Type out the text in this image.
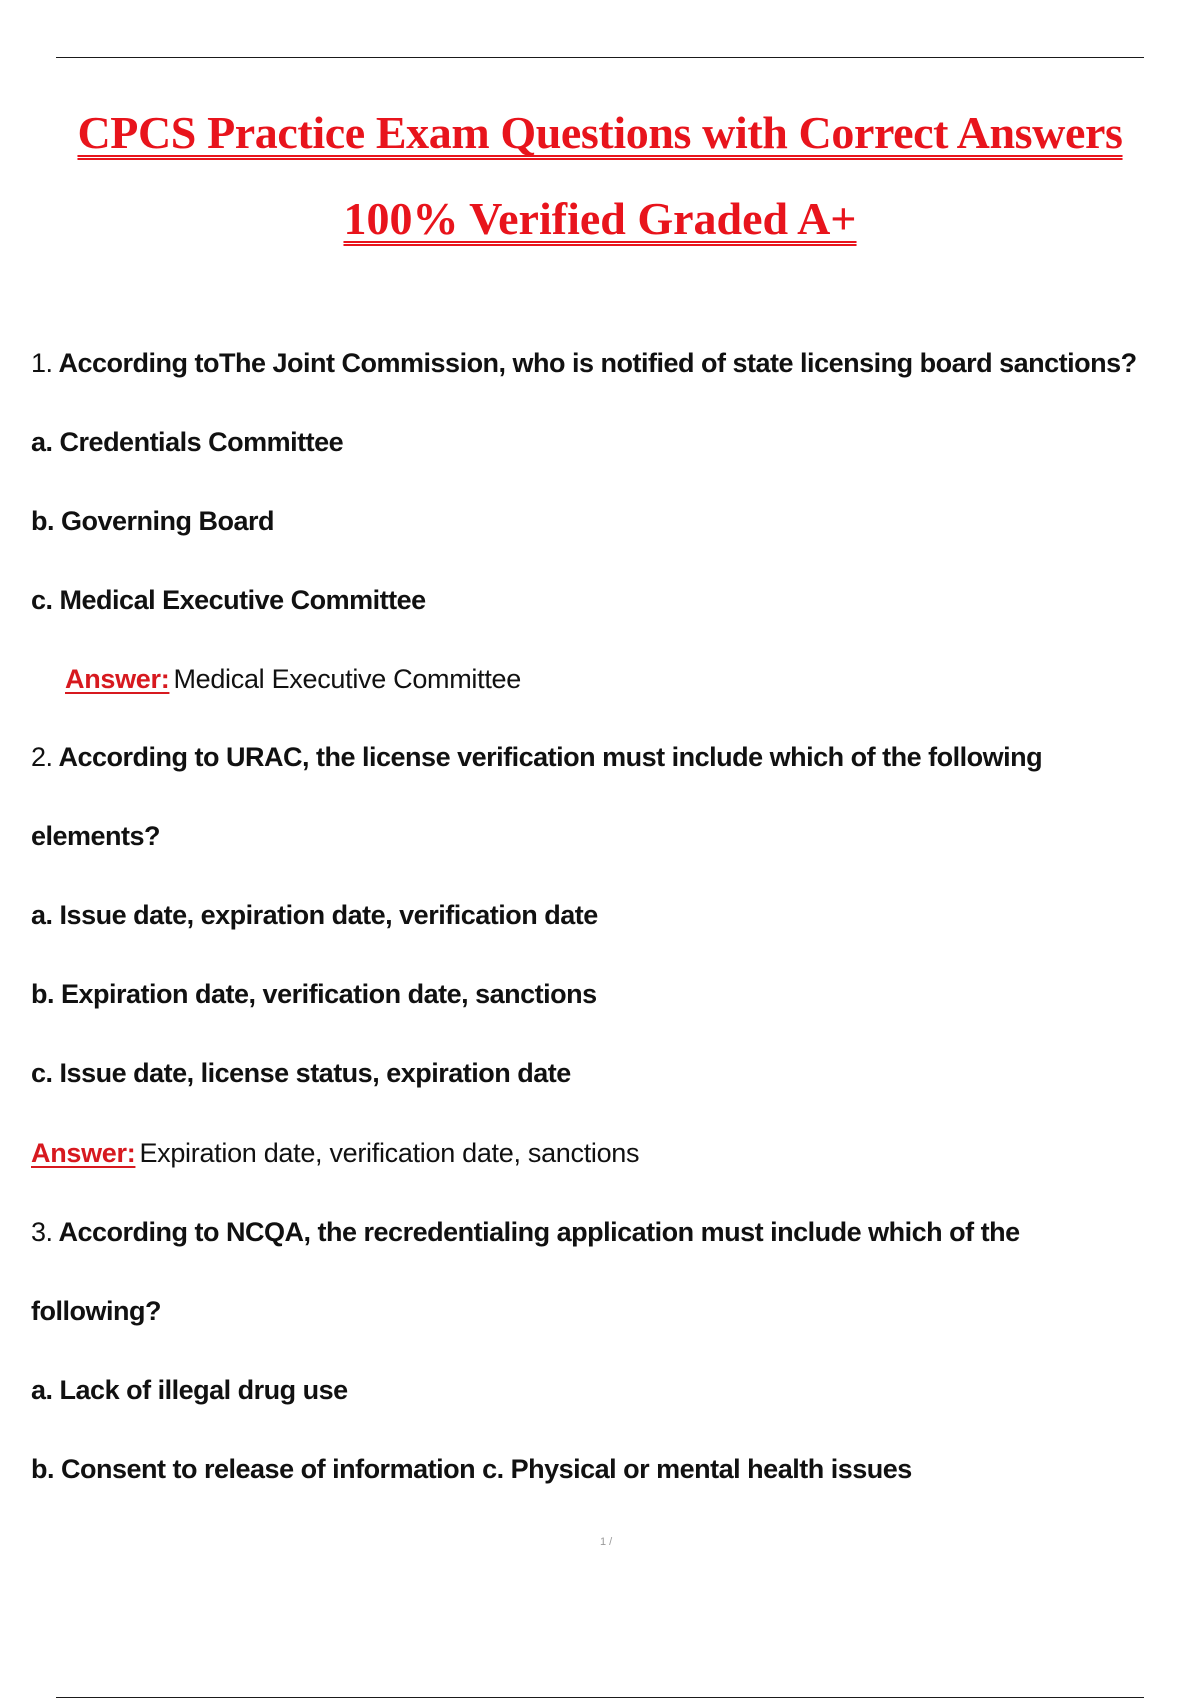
CPCS Practice Exam Questions with Correct Answers
100% Verified Graded A+
1. According toThe Joint Commission, who is notified of state licensing board sanctions?
a. Credentials Committee
b. Governing Board
c. Medical Executive Committee
Answer: Medical Executive Committee
2. According to URAC, the license verification must include which of the following
elements?
a. Issue date, expiration date, verification date
b. Expiration date, verification date, sanctions
c. Issue date, license status, expiration date
Answer: Expiration date, verification date, sanctions
3. According to NCQA, the recredentialing application must include which of the
following?
a. Lack of illegal drug use
b. Consent to release of information c. Physical or mental health issues
1 /
